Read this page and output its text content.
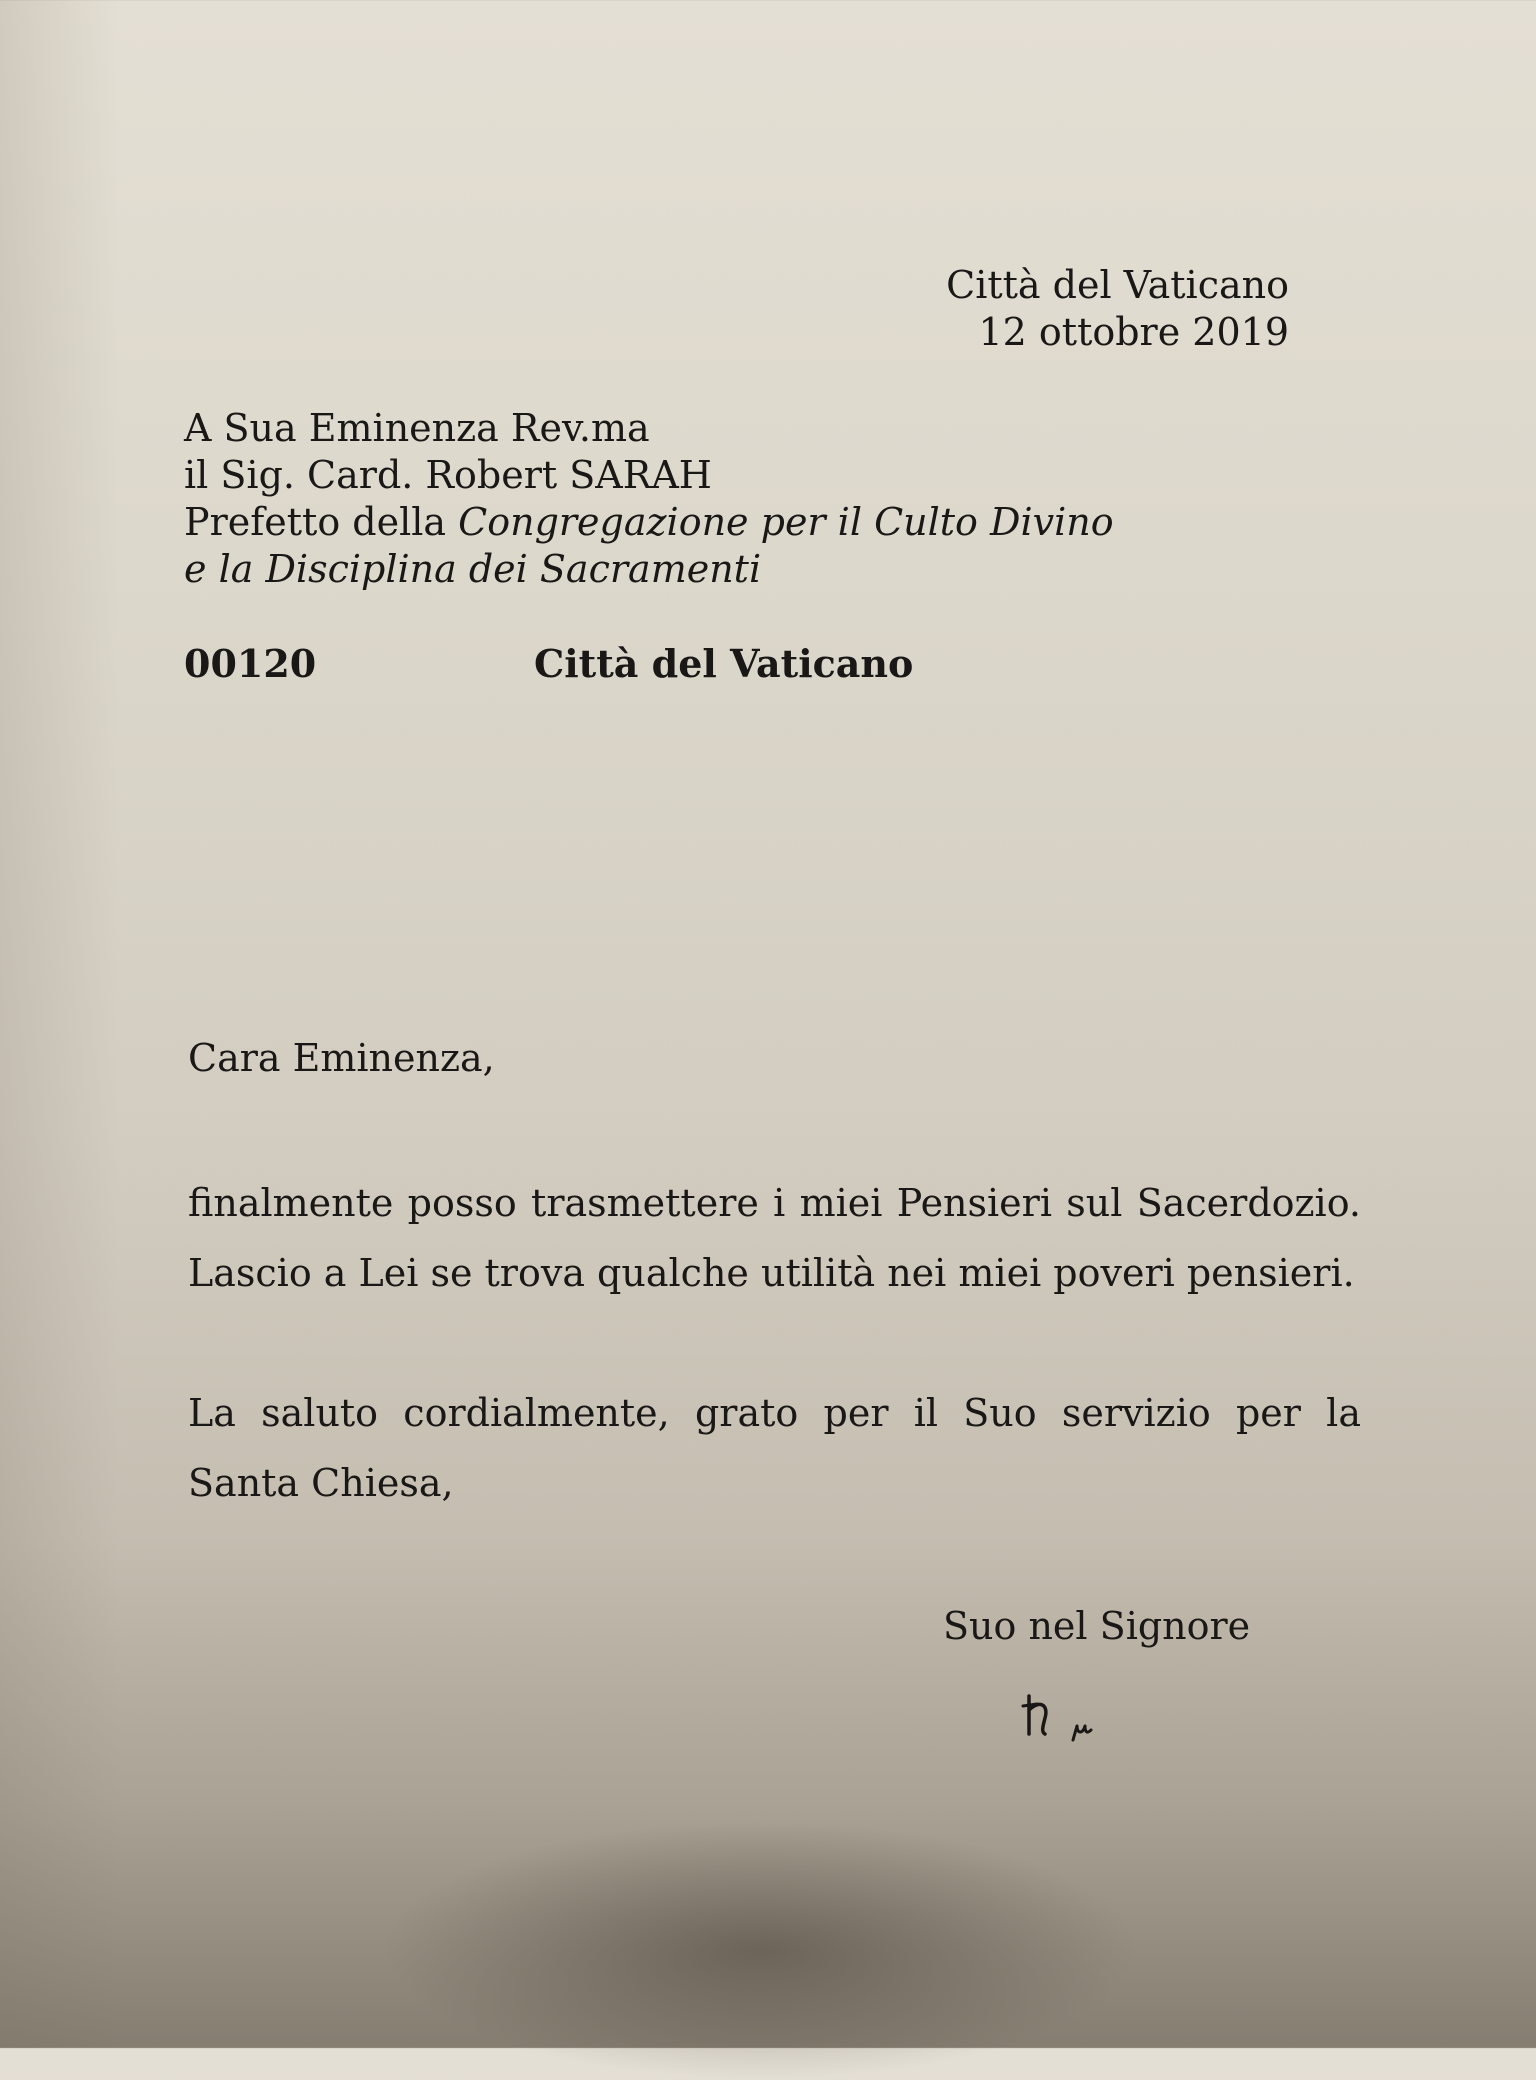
Città del Vaticano
12 ottobre 2019
A Sua Eminenza Rev.ma
il Sig. Card. Robert SARAH
Prefetto della Congregazione per il Culto Divino
e la Disciplina dei Sacramenti
00120	Città del Vaticano
Cara Eminenza,
finalmente posso trasmettere i miei Pensieri sul Sacerdozio. Lascio a Lei se trova qualche utilità nei miei poveri pensieri.
La saluto cordialmente, grato per il Suo servizio per la Santa Chiesa,
Suo nel Signore
